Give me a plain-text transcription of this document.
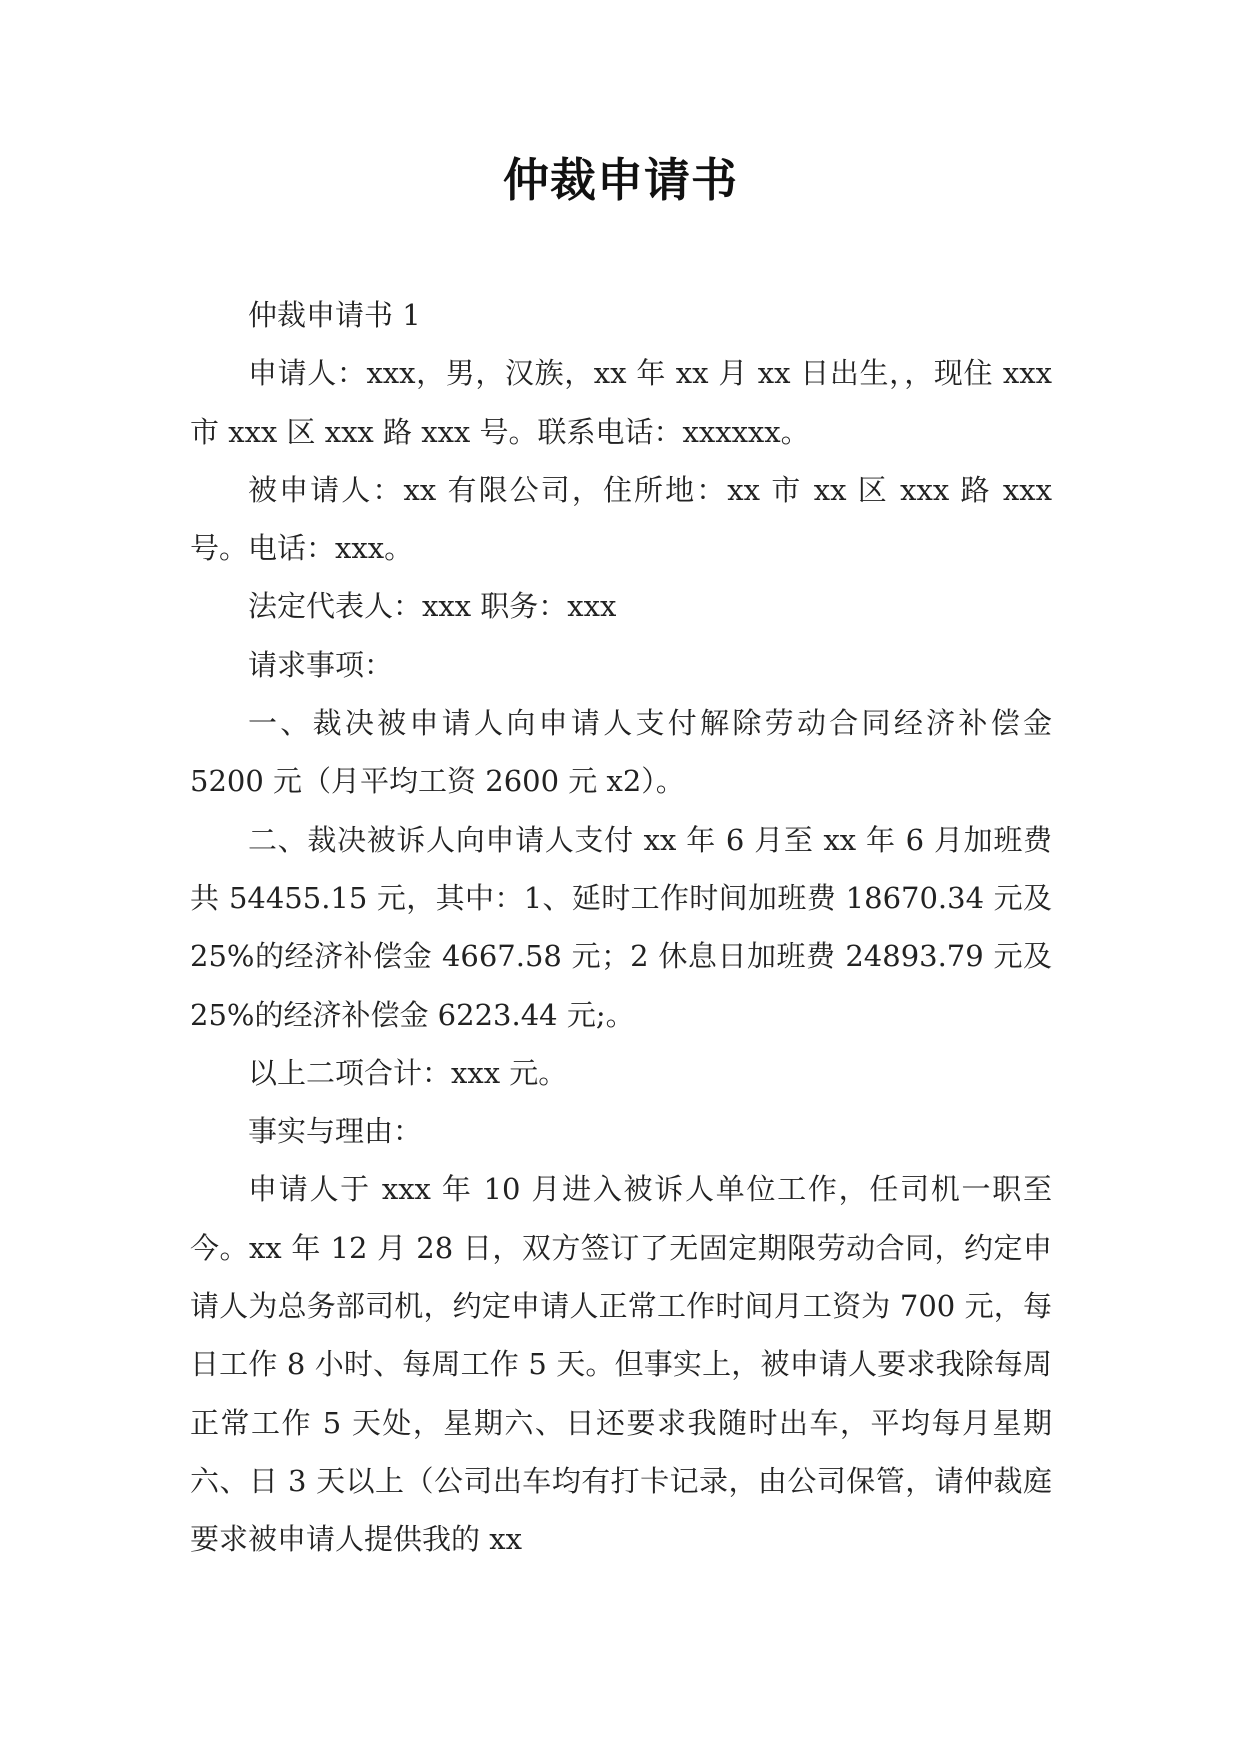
仲裁申请书

仲裁申请书 1

申请人：xxx，男，汉族，xx 年 xx 月 xx 日出生，，现住 xxx 市 xxx 区 xxx 路 xxx 号。联系电话：xxxxxx。

被申请人：xx 有限公司，住所地：xx 市 xx 区 xxx 路 xxx 号。电话：xxx。

法定代表人：xxx 职务：xxx

请求事项：

一、裁决被申请人向申请人支付解除劳动合同经济补偿金 5200 元（月平均工资 2600 元 x2）。

二、裁决被诉人向申请人支付 xx 年 6 月至 xx 年 6 月加班费共 54455.15 元，其中：1、延时工作时间加班费 18670.34 元及 25%的经济补偿金 4667.58 元；2 休息日加班费 24893.79 元及 25%的经济补偿金 6223.44 元;。

以上二项合计：xxx 元。

事实与理由：

申请人于 xxx 年 10 月进入被诉人单位工作，任司机一职至今。xx 年 12 月 28 日，双方签订了无固定期限劳动合同，约定申请人为总务部司机，约定申请人正常工作时间月工资为 700 元，每日工作 8 小时、每周工作 5 天。但事实上，被申请人要求我除每周正常工作 5 天处，星期六、日还要求我随时出车，平均每月星期六、日 3 天以上（公司出车均有打卡记录，由公司保管，请仲裁庭要求被申请人提供我的 xx
